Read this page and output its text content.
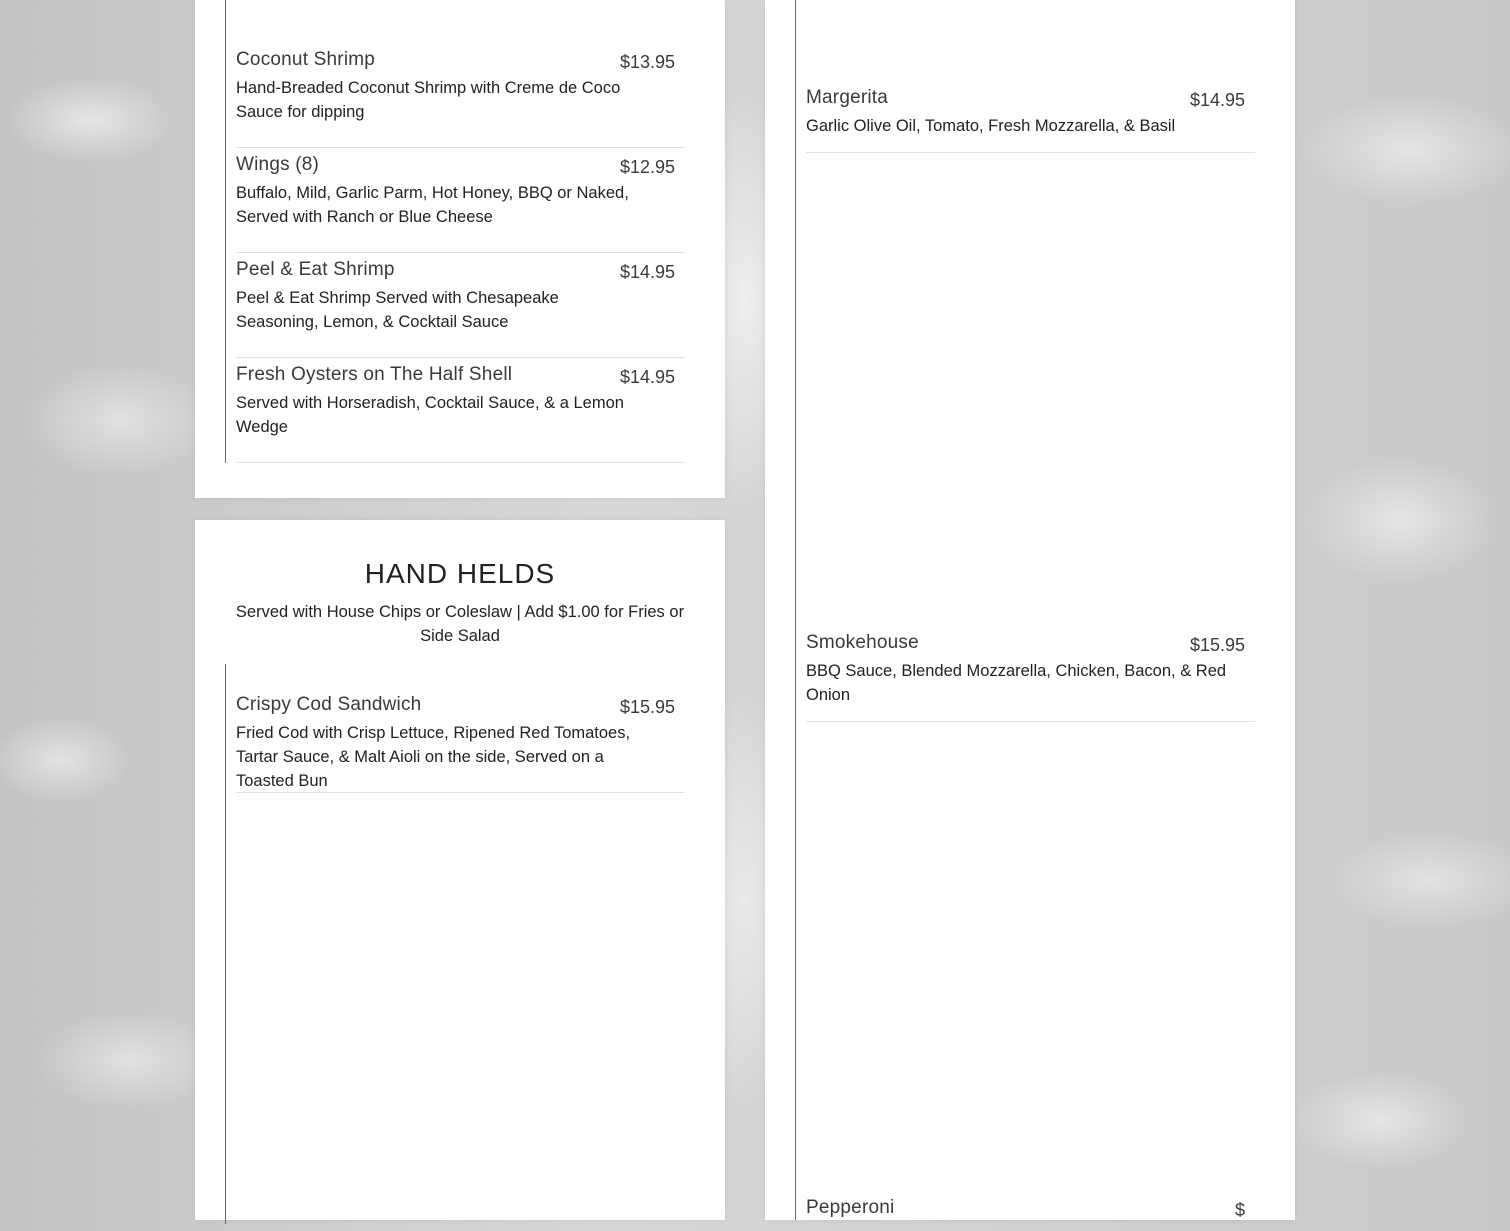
Coconut Shrimp	$13.95
Hand-Breaded Coconut Shrimp with Creme de Coco Sauce for dipping
Wings (8)	$12.95
Buffalo, Mild, Garlic Parm, Hot Honey, BBQ or Naked, Served with Ranch or Blue Cheese
Peel & Eat Shrimp	$14.95
Peel & Eat Shrimp Served with Chesapeake Seasoning, Lemon, & Cocktail Sauce
Fresh Oysters on The Half Shell	$14.95
Served with Horseradish, Cocktail Sauce, & a Lemon Wedge
HAND HELDS
Served with House Chips or Coleslaw | Add $1.00 for Fries or Side Salad
Crispy Cod Sandwich	$15.95
Fried Cod with Crisp Lettuce, Ripened Red Tomatoes, Tartar Sauce, & Malt Aioli on the side, Served on a Toasted Bun
Margerita	$14.95
Garlic Olive Oil, Tomato, Fresh Mozzarella, & Basil
Smokehouse	$15.95
BBQ Sauce, Blended Mozzarella, Chicken, Bacon, & Red Onion
Pepperoni	$
